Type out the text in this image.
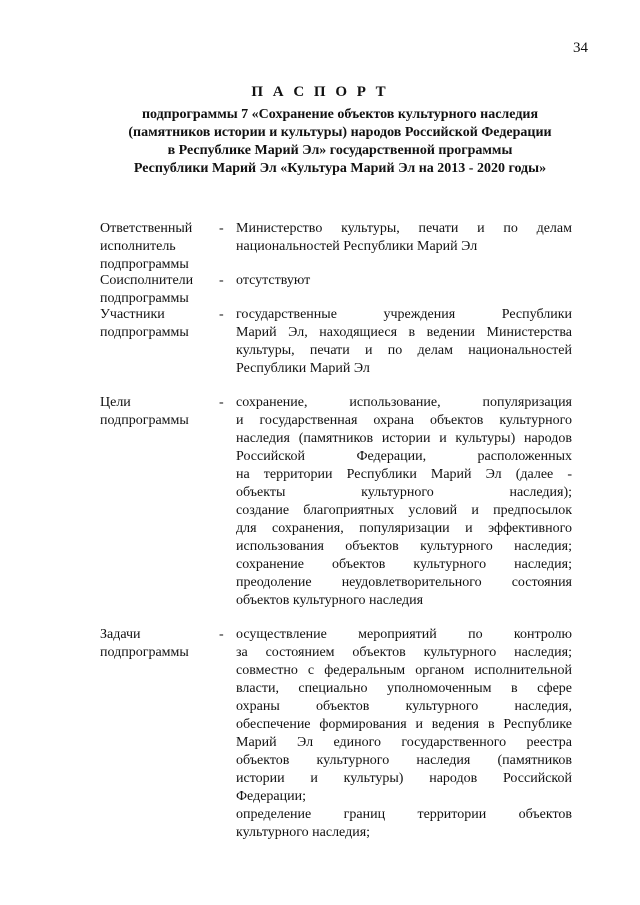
34
П А С П О Р Т
подпрограммы 7 «Сохранение объектов культурного наследия
(памятников истории и культуры) народов Российской Федерации
в Республике Марий Эл» государственной программы
Республики Марий Эл «Культура Марий Эл на 2013 - 2020 годы»
Ответственный
исполнитель
подпрограммы
- Министерство культуры, печати и по делам
национальностей Республики Марий Эл
Соисполнители
подпрограммы
- отсутствуют
Участники
подпрограммы
- государственные учреждения Республики
Марий Эл, находящиеся в ведении Министерства
культуры, печати и по делам национальностей
Республики Марий Эл
Цели
подпрограммы
- сохранение, использование, популяризация
и государственная охрана объектов культурного
наследия (памятников истории и культуры) народов
Российской Федерации, расположенных
на территории Республики Марий Эл (далее -
объекты культурного наследия);
создание благоприятных условий и предпосылок
для сохранения, популяризации и эффективного
использования объектов культурного наследия;
сохранение объектов культурного наследия;
преодоление неудовлетворительного состояния
объектов культурного наследия
Задачи
подпрограммы
- осуществление мероприятий по контролю
за состоянием объектов культурного наследия;
совместно с федеральным органом исполнительной
власти, специально уполномоченным в сфере
охраны объектов культурного наследия,
обеспечение формирования и ведения в Республике
Марий Эл единого государственного реестра
объектов культурного наследия (памятников
истории и культуры) народов Российской
Федерации;
определение границ территории объектов
культурного наследия;
